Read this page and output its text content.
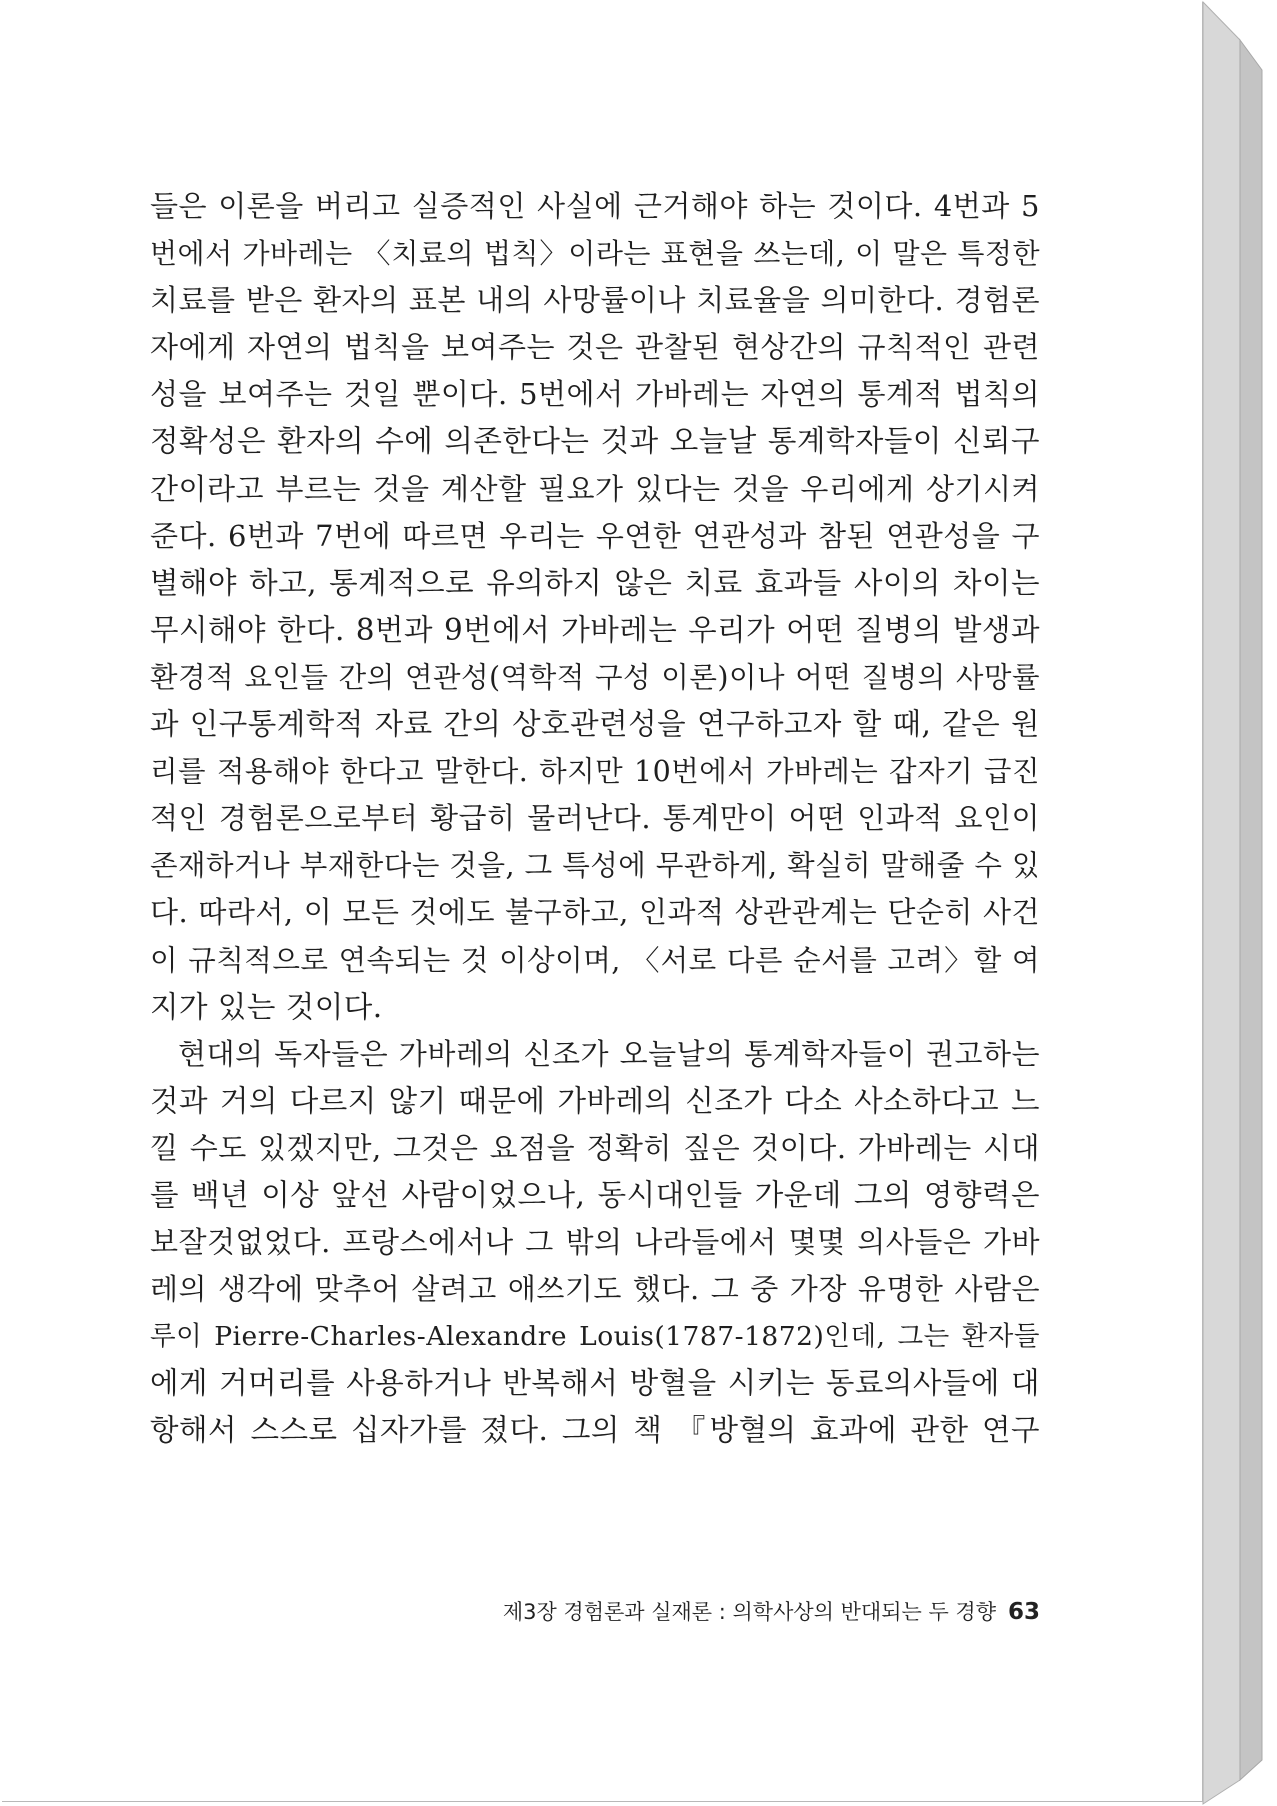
들은 이론을 버리고 실증적인 사실에 근거해야 하는 것이다. 4번과 5
번에서 가바레는 〈치료의 법칙〉이라는 표현을 쓰는데, 이 말은 특정한
치료를 받은 환자의 표본 내의 사망률이나 치료율을 의미한다. 경험론
자에게 자연의 법칙을 보여주는 것은 관찰된 현상간의 규칙적인 관련
성을 보여주는 것일 뿐이다. 5번에서 가바레는 자연의 통계적 법칙의
정확성은 환자의 수에 의존한다는 것과 오늘날 통계학자들이 신뢰구
간이라고 부르는 것을 계산할 필요가 있다는 것을 우리에게 상기시켜
준다. 6번과 7번에 따르면 우리는 우연한 연관성과 참된 연관성을 구
별해야 하고, 통계적으로 유의하지 않은 치료 효과들 사이의 차이는
무시해야 한다. 8번과 9번에서 가바레는 우리가 어떤 질병의 발생과
환경적 요인들 간의 연관성(역학적 구성 이론)이나 어떤 질병의 사망률
과 인구통계학적 자료 간의 상호관련성을 연구하고자 할 때, 같은 원
리를 적용해야 한다고 말한다. 하지만 10번에서 가바레는 갑자기 급진
적인 경험론으로부터 황급히 물러난다. 통계만이 어떤 인과적 요인이
존재하거나 부재한다는 것을, 그 특성에 무관하게, 확실히 말해줄 수 있
다. 따라서, 이 모든 것에도 불구하고, 인과적 상관관계는 단순히 사건
이 규칙적으로 연속되는 것 이상이며, 〈서로 다른 순서를 고려〉할 여
지가 있는 것이다.
현대의 독자들은 가바레의 신조가 오늘날의 통계학자들이 권고하는
것과 거의 다르지 않기 때문에 가바레의 신조가 다소 사소하다고 느
낄 수도 있겠지만, 그것은 요점을 정확히 짚은 것이다. 가바레는 시대
를 백년 이상 앞선 사람이었으나, 동시대인들 가운데 그의 영향력은
보잘것없었다. 프랑스에서나 그 밖의 나라들에서 몇몇 의사들은 가바
레의 생각에 맞추어 살려고 애쓰기도 했다. 그 중 가장 유명한 사람은
루이 Pierre-Charles-Alexandre Louis(1787-1872)인데, 그는 환자들
에게 거머리를 사용하거나 반복해서 방혈을 시키는 동료의사들에 대
항해서 스스로 십자가를 졌다. 그의 책 『방혈의 효과에 관한 연구
제3장 경험론과 실재론 : 의학사상의 반대되는 두 경향 63
